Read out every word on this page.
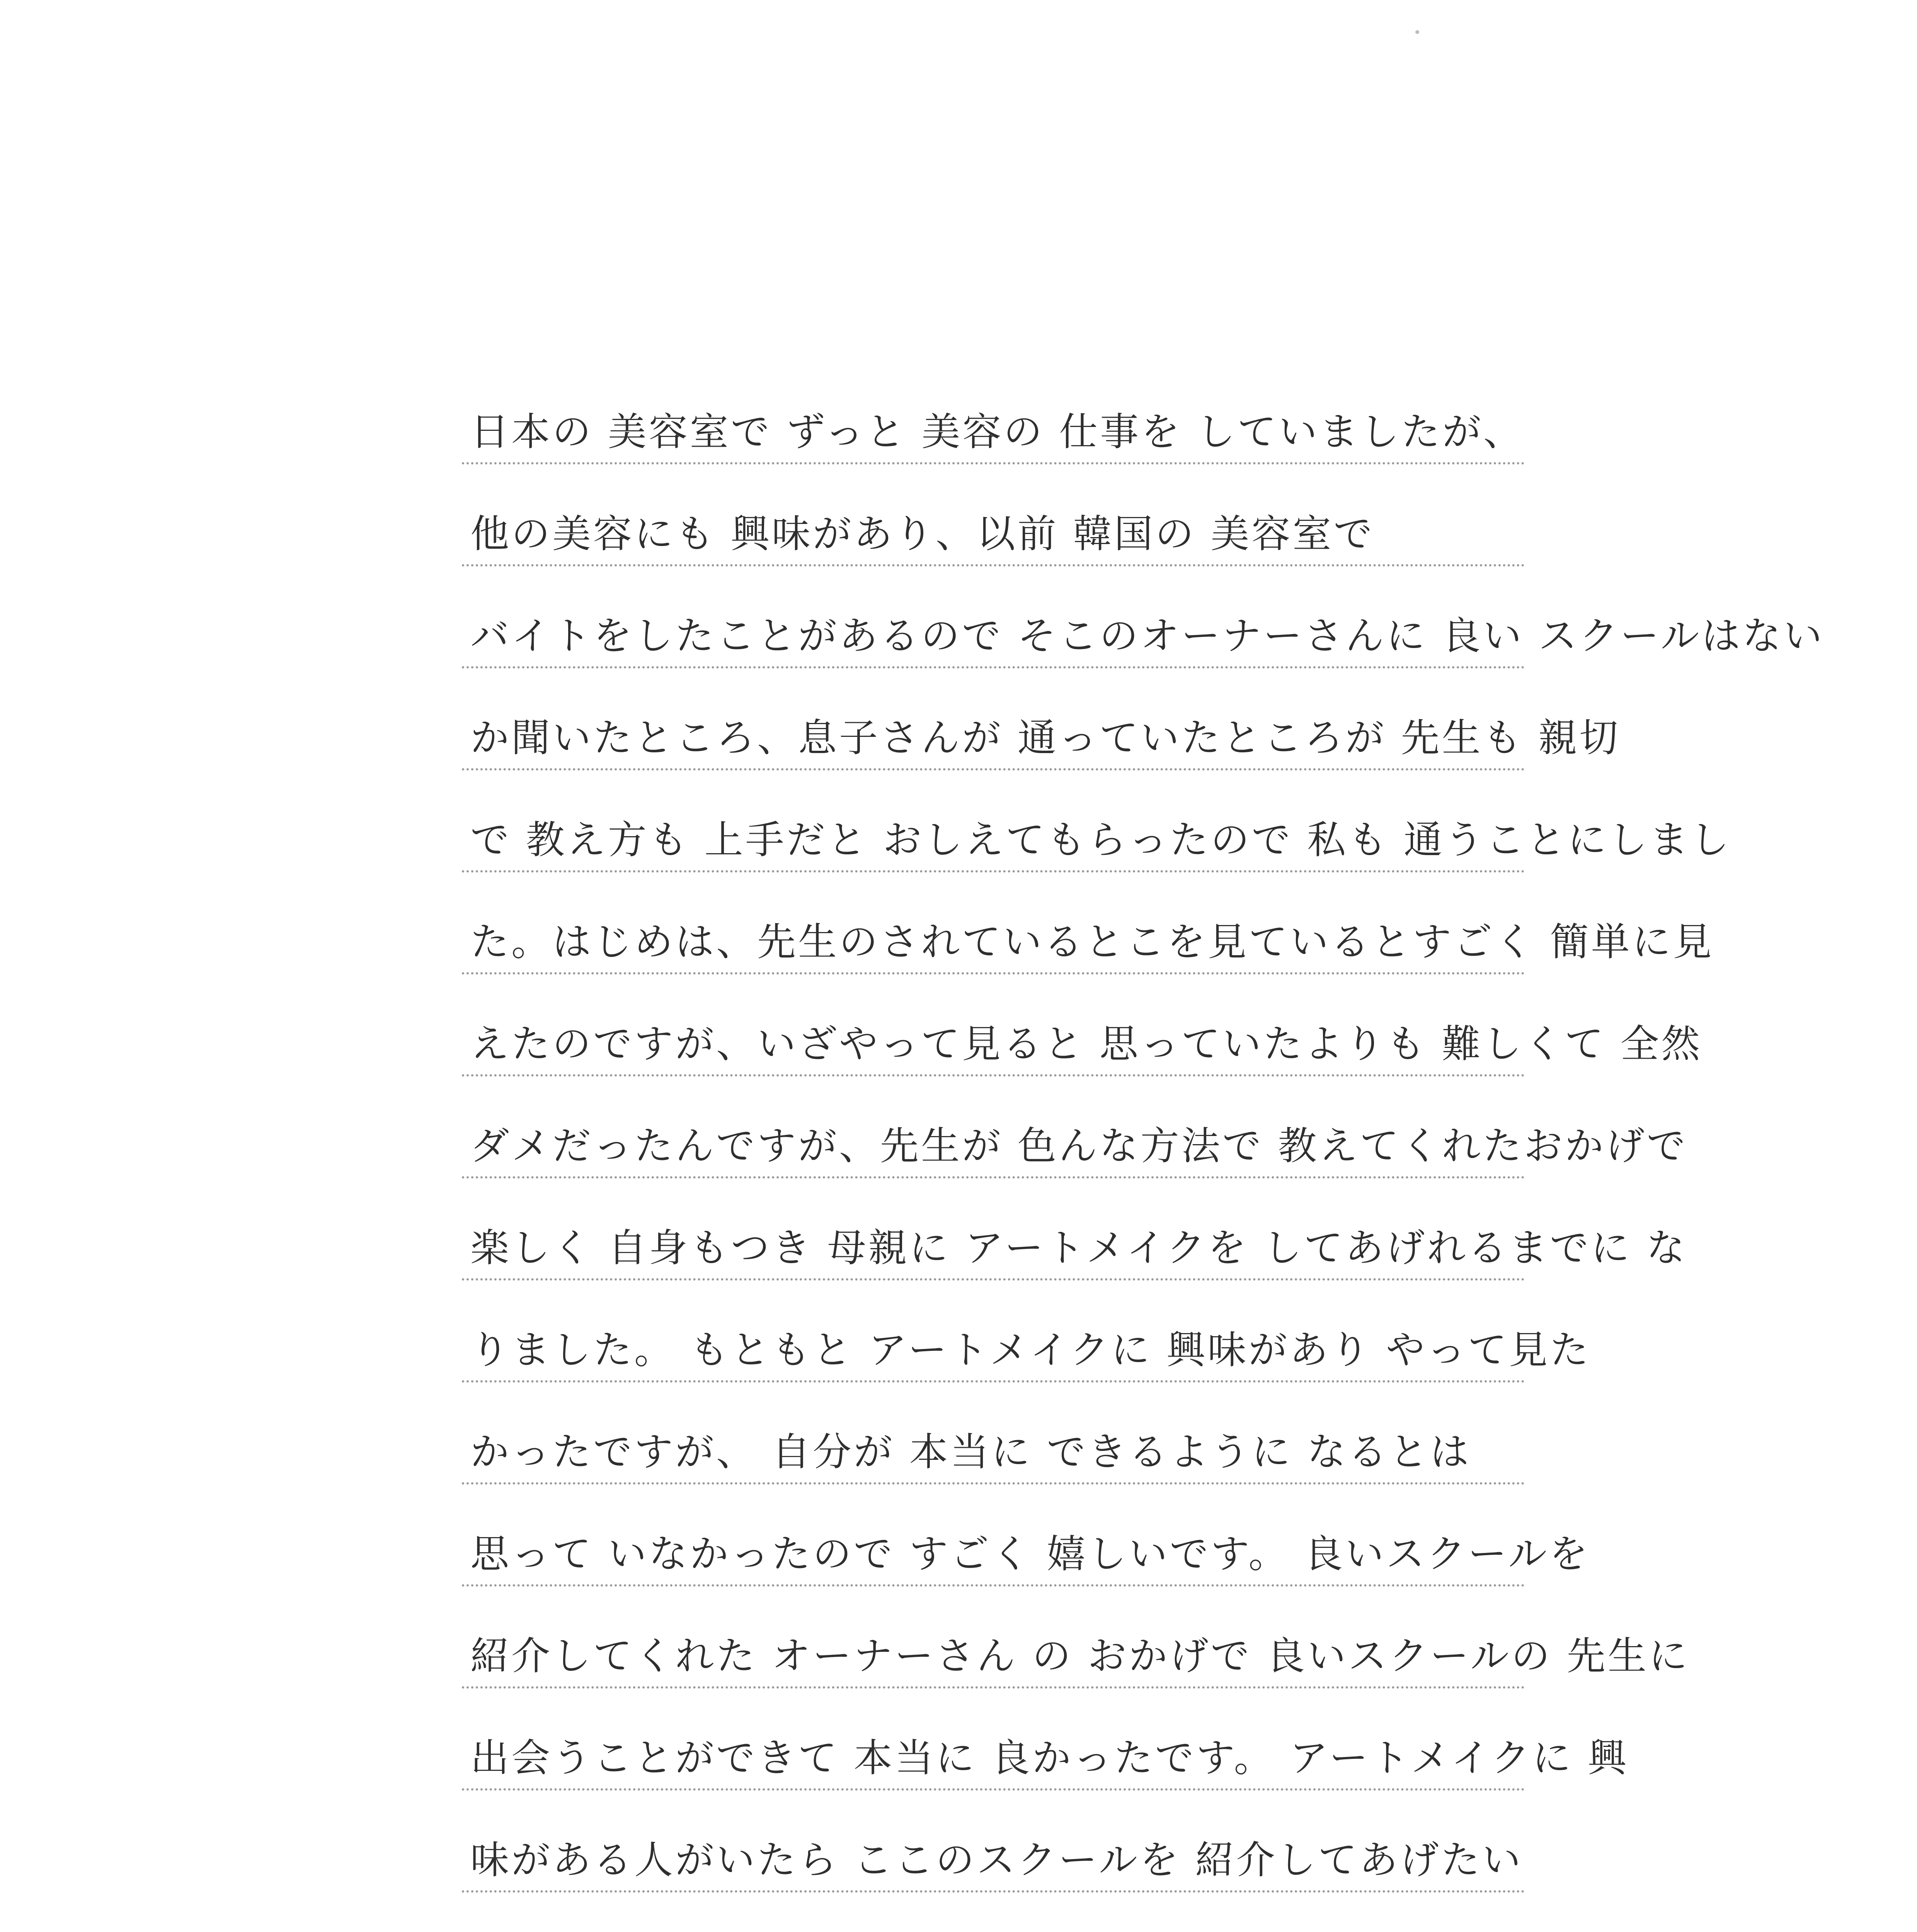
日本の 美容室で ずっと 美容の 仕事を していましたが、
他の美容にも 興味があり、以前 韓国の 美容室で
バイトをしたことがあるので そこのオーナーさんに 良い スクールはない
か聞いたところ、息子さんが 通っていたところが 先生も 親切
で 教え方も 上手だと おしえてもらったので 私も 通うことにしまし
た。はじめは、先生のされているとこを見ているとすごく 簡単に見
えたのですが、いざやって見ると 思っていたよりも 難しくて 全然
ダメだったんですが、先生が 色んな方法で 教えてくれたおかげで
楽しく 自身もつき 母親に アートメイクを してあげれるまでに な
りました。 もともと アートメイクに 興味があり やって見た
かったですが、 自分が 本当に できるように なるとは
思って いなかったので すごく 嬉しいです。 良いスクールを
紹介してくれた オーナーさん の おかげで 良いスクールの 先生に
出会うことができて 本当に 良かったです。 アートメイクに 興
味がある人がいたら ここのスクールを 紹介してあげたい
